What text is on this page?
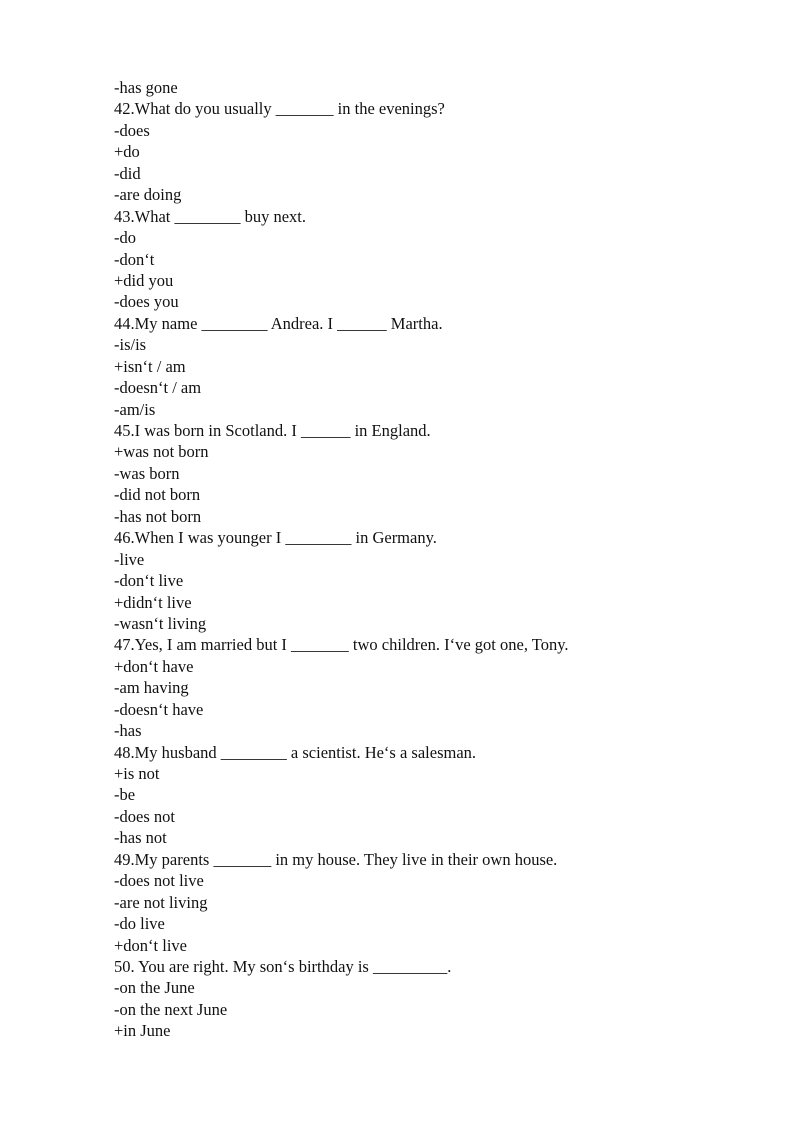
-has gone
42.What do you usually _______ in the evenings?
-does
+do
-did
-are doing
43.What ________ buy next.
-do
-don‘t
+did you
-does you
44.My name ________ Andrea. I ______ Martha.
-is/is
+isn‘t / am
-doesn‘t / am
-am/is
45.I was born in Scotland. I ______ in England.
+was not born
-was born
-did not born
-has not born
46.When I was younger I ________ in Germany.
-live
-don‘t live
+didn‘t live
-wasn‘t living
47.Yes, I am married but I _______ two children. I‘ve got one, Tony.
+don‘t have
-am having
-doesn‘t have
-has
48.My husband ________ a scientist. He‘s a salesman.
+is not
-be
-does not
-has not
49.My parents _______ in my house. They live in their own house.
-does not live
-are not living
-do live
+don‘t live
50. You are right. My son‘s birthday is _________.
-on the June
-on the next June
+in June
